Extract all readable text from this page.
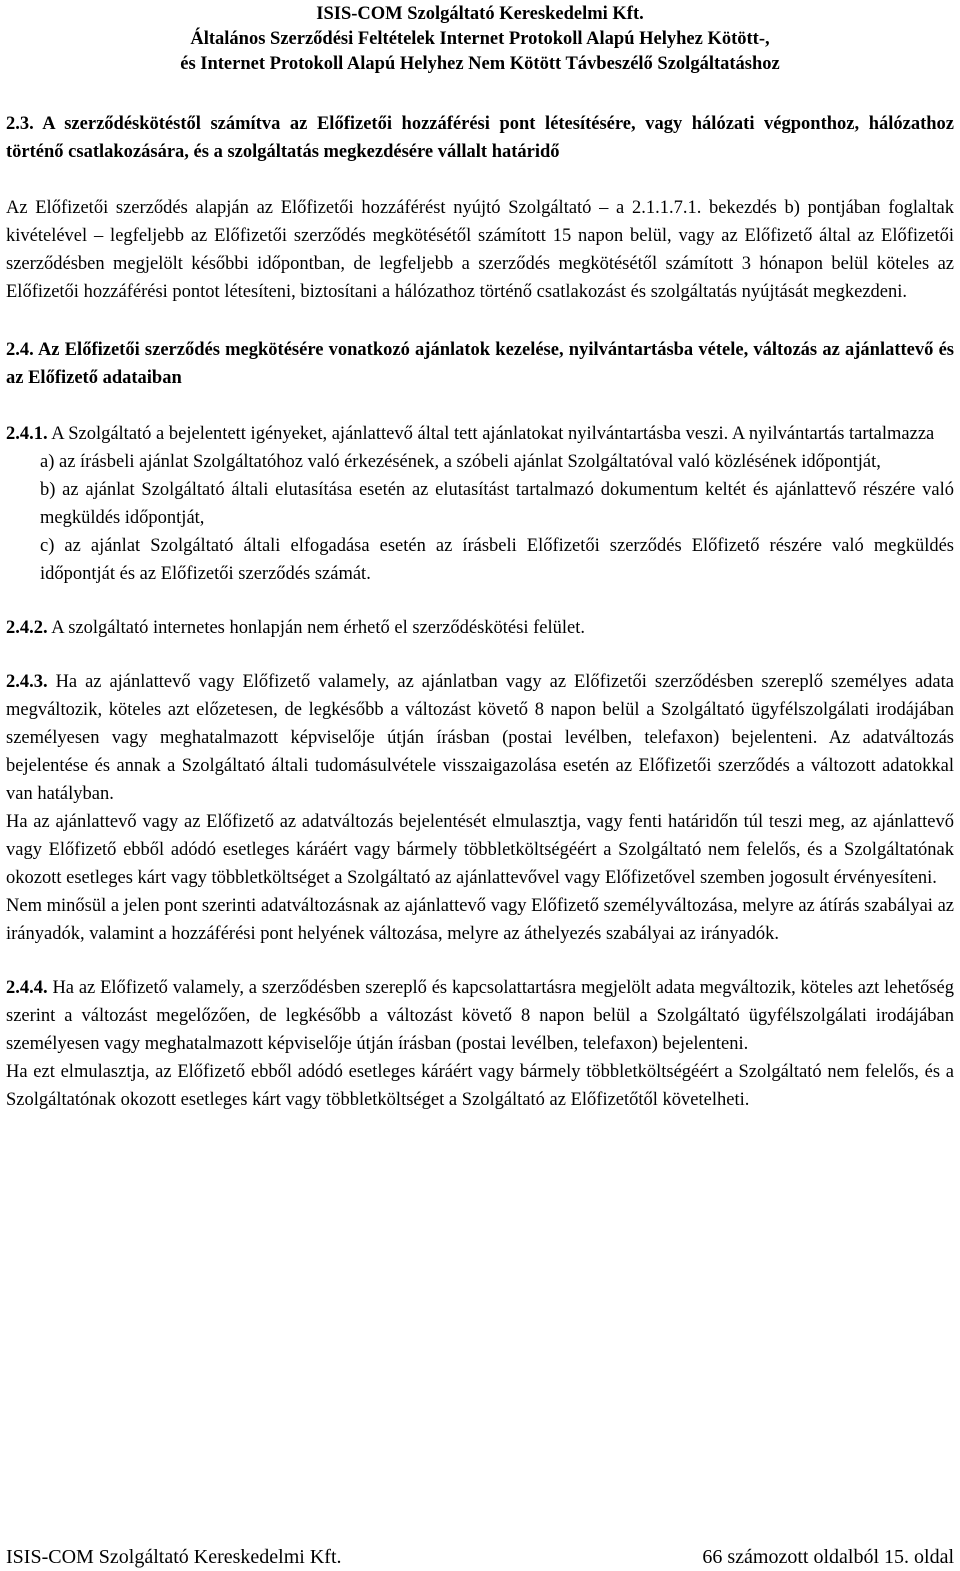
ISIS-COM Szolgáltató Kereskedelmi Kft.
Általános Szerződési Feltételek Internet Protokoll Alapú Helyhez Kötött-,
és Internet Protokoll Alapú Helyhez Nem Kötött Távbeszélő Szolgáltatáshoz

2.3. A szerződéskötéstől számítva az Előfizetői hozzáférési pont létesítésére, vagy hálózati végponthoz, hálózathoz történő csatlakozására, és a szolgáltatás megkezdésére vállalt határidő

Az Előfizetői szerződés alapján az Előfizetői hozzáférést nyújtó Szolgáltató – a 2.1.1.7.1. bekezdés b) pontjában foglaltak kivételével – legfeljebb az Előfizetői szerződés megkötésétől számított 15 napon belül, vagy az Előfizető által az Előfizetői szerződésben megjelölt későbbi időpontban, de legfeljebb a szerződés megkötésétől számított 3 hónapon belül köteles az Előfizetői hozzáférési pontot létesíteni, biztosítani a hálózathoz történő csatlakozást és szolgáltatás nyújtását megkezdeni.

2.4. Az Előfizetői szerződés megkötésére vonatkozó ajánlatok kezelése, nyilvántartásba vétele, változás az ajánlattevő és az Előfizető adataiban

2.4.1. A Szolgáltató a bejelentett igényeket, ajánlattevő által tett ajánlatokat nyilvántartásba veszi. A nyilvántartás tartalmazza

a) az írásbeli ajánlat Szolgáltatóhoz való érkezésének, a szóbeli ajánlat Szolgáltatóval való közlésének időpontját,

b) az ajánlat Szolgáltató általi elutasítása esetén az elutasítást tartalmazó dokumentum keltét és ajánlattevő részére való megküldés időpontját,

c) az ajánlat Szolgáltató általi elfogadása esetén az írásbeli Előfizetői szerződés Előfizető részére való megküldés időpontját és az Előfizetői szerződés számát.

2.4.2. A szolgáltató internetes honlapján nem érhető el szerződéskötési felület.

2.4.3. Ha az ajánlattevő vagy Előfizető valamely, az ajánlatban vagy az Előfizetői szerződésben szereplő személyes adata megváltozik, köteles azt előzetesen, de legkésőbb a változást követő 8 napon belül a Szolgáltató ügyfélszolgálati irodájában személyesen vagy meghatalmazott képviselője útján írásban (postai levélben, telefaxon) bejelenteni. Az adatváltozás bejelentése és annak a Szolgáltató általi tudomásulvétele visszaigazolása esetén az Előfizetői szerződés a változott adatokkal van hatályban.

Ha az ajánlattevő vagy az Előfizető az adatváltozás bejelentését elmulasztja, vagy fenti határidőn túl teszi meg, az ajánlattevő vagy Előfizető ebből adódó esetleges káráért vagy bármely többletköltségéért a Szolgáltató nem felelős, és a Szolgáltatónak okozott esetleges kárt vagy többletköltséget a Szolgáltató az ajánlattevővel vagy Előfizetővel szemben jogosult érvényesíteni.

Nem minősül a jelen pont szerinti adatváltozásnak az ajánlattevő vagy Előfizető személyváltozása, melyre az átírás szabályai az irányadók, valamint a hozzáférési pont helyének változása, melyre az áthelyezés szabályai az irányadók.

2.4.4. Ha az Előfizető valamely, a szerződésben szereplő és kapcsolattartásra megjelölt adata megváltozik, köteles azt lehetőség szerint a változást megelőzően, de legkésőbb a változást követő 8 napon belül a Szolgáltató ügyfélszolgálati irodájában személyesen vagy meghatalmazott képviselője útján írásban (postai levélben, telefaxon) bejelenteni.

Ha ezt elmulasztja, az Előfizető ebből adódó esetleges káráért vagy bármely többletköltségéért a Szolgáltató nem felelős, és a Szolgáltatónak okozott esetleges kárt vagy többletköltséget a Szolgáltató az Előfizetőtől követelheti.

ISIS-COM Szolgáltató Kereskedelmi Kft.	66 számozott oldalból 15. oldal
